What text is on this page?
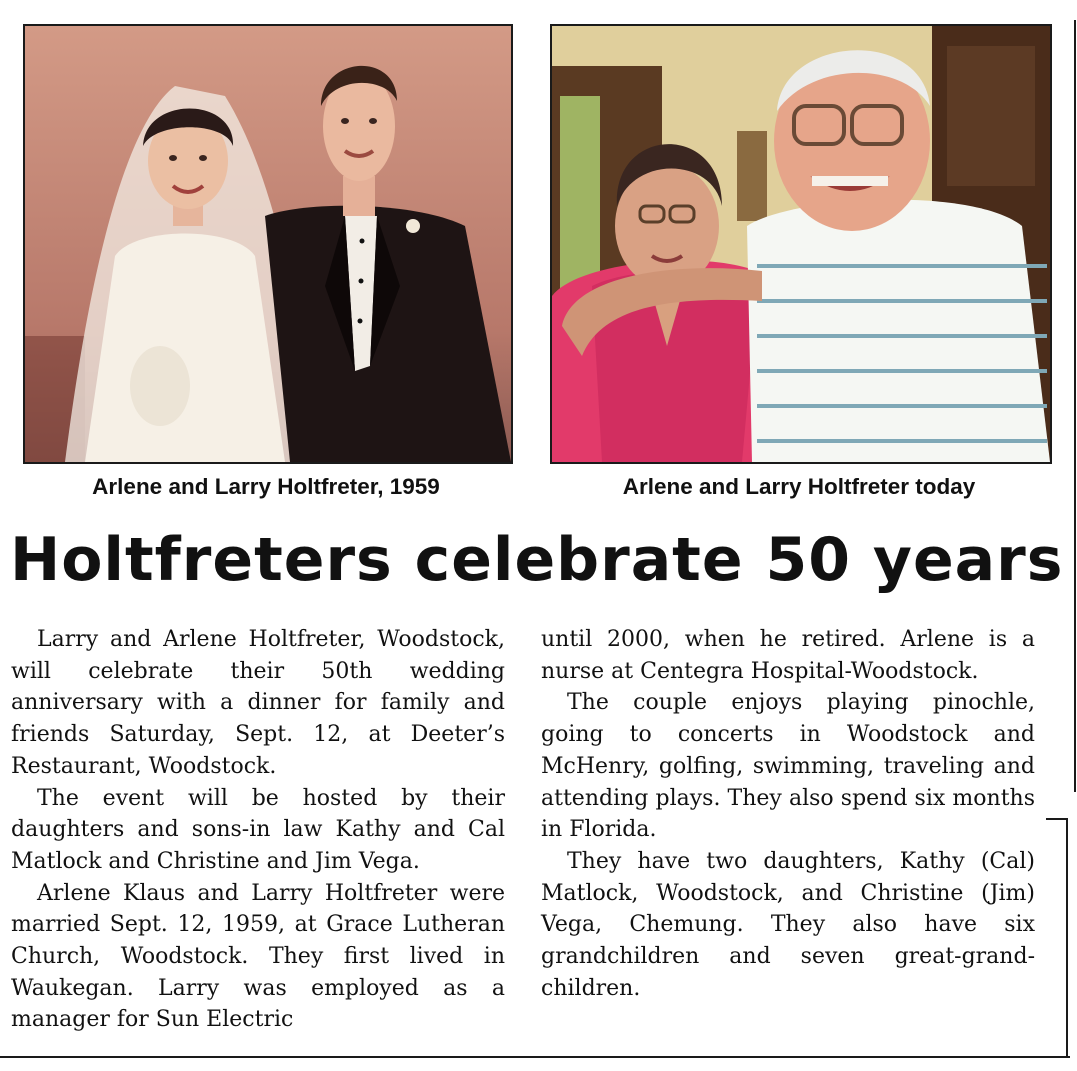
Arlene and Larry Holtfreter, 1959	Arlene and Larry Holtfreter today
Holtfreters celebrate 50 years

Larry and Arlene Holtfreter, Woodstock, will celebrate their 50th wedding anniversary with a dinner for family and friends Saturday, Sept. 12, at Deeter’s Restaurant, Woodstock.

The event will be hosted by their daughters and sons-in law Kathy and Cal Matlock and Christine and Jim Vega.

Arlene Klaus and Larry Holtfreter were married Sept. 12, 1959, at Grace Lutheran Church, Woodstock. They first lived in Waukegan. Larry was employed as a manager for Sun Electric

until 2000, when he retired. Arlene is a nurse at Centegra Hospital-Woodstock.

The couple enjoys playing pinochle, going to concerts in Woodstock and McHenry, golfing, swimming, traveling and attending plays. They also spend six months in Florida.

They have two daughters, Kathy (Cal) Matlock, Woodstock, and Christine (Jim) Vega, Chemung. They also have six grandchildren and seven great-grandchildren.
